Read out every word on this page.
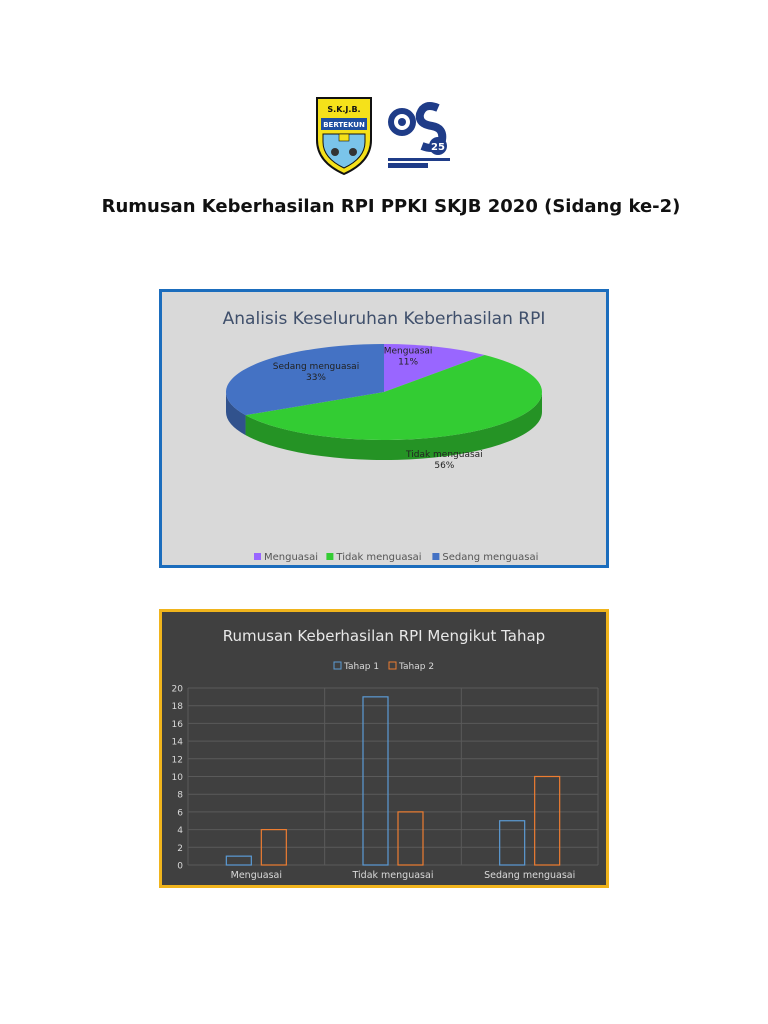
S.K.J.B.
BERTEKUN
25
Rumusan Keberhasilan RPI PPKI SKJB 2020 (Sidang ke-2)
Analisis Keseluruhan Keberhasilan RPI
Menguasai
11%
Tidak menguasai
56%
Sedang menguasai
33%
Menguasai Tidak menguasai Sedang menguasai
Rumusan Keberhasilan RPI Mengikut Tahap
Tahap 1 Tahap 2
0
2
4
6
8
10
12
14
16
18
20
Menguasai	Tidak menguasai	Sedang menguasai
